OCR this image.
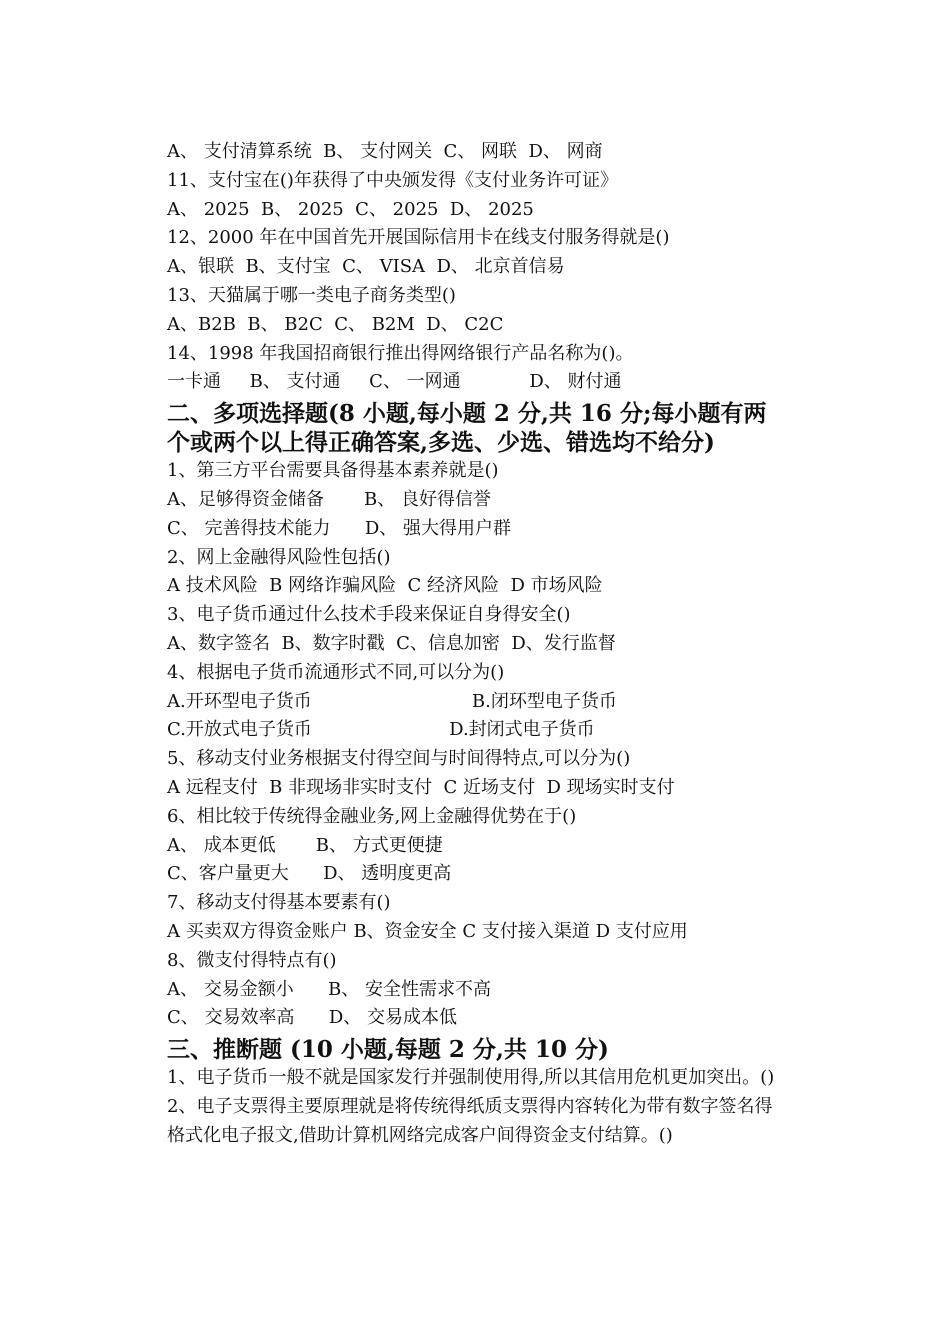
A、 支付清算系统  B、 支付网关  C、 网联  D、 网商
11、支付宝在()年获得了中央颁发得《支付业务许可证》
A、 2025  B、 2025  C、 2025  D、 2025
12、2000 年在中国首先开展国际信用卡在线支付服务得就是()
A、银联  B、支付宝  C、 VISA  D、 北京首信易
13、天猫属于哪一类电子商务类型()
A、B2B  B、 B2C  C、 B2M  D、 C2C
14、1998 年我国招商银行推出得网络银行产品名称为()。
一卡通     B、 支付通     C、 一网通            D、 财付通
二、多项选择题(8 小题,每小题 2 分,共 16 分;每小题有两个或两个以上得正确答案,多选、少选、错选均不给分)
1、第三方平台需要具备得基本素养就是()
A、足够得资金储备       B、 良好得信誉
C、 完善得技术能力      D、 强大得用户群
2、网上金融得风险性包括()
A 技术风险  B 网络诈骗风险  C 经济风险  D 市场风险
3、电子货币通过什么技术手段来保证自身得安全()
A、数字签名  B、数字时戳  C、信息加密  D、发行监督
4、根据电子货币流通形式不同,可以分为()
A.开环型电子货币                            B.闭环型电子货币
C.开放式电子货币                        D.封闭式电子货币
5、移动支付业务根据支付得空间与时间得特点,可以分为()
A 远程支付  B 非现场非实时支付  C 近场支付  D 现场实时支付
6、相比较于传统得金融业务,网上金融得优势在于()
A、 成本更低       B、 方式更便捷
C、客户量更大      D、 透明度更高
7、移动支付得基本要素有()
A 买卖双方得资金账户 B、资金安全 C 支付接入渠道 D 支付应用
8、微支付得特点有()
A、 交易金额小      B、 安全性需求不高
C、 交易效率高      D、 交易成本低
三、推断题 (10 小题,每题 2 分,共 10 分)
1、电子货币一般不就是国家发行并强制使用得,所以其信用危机更加突出。()
2、电子支票得主要原理就是将传统得纸质支票得内容转化为带有数字签名得格式化电子报文,借助计算机网络完成客户间得资金支付结算。()
